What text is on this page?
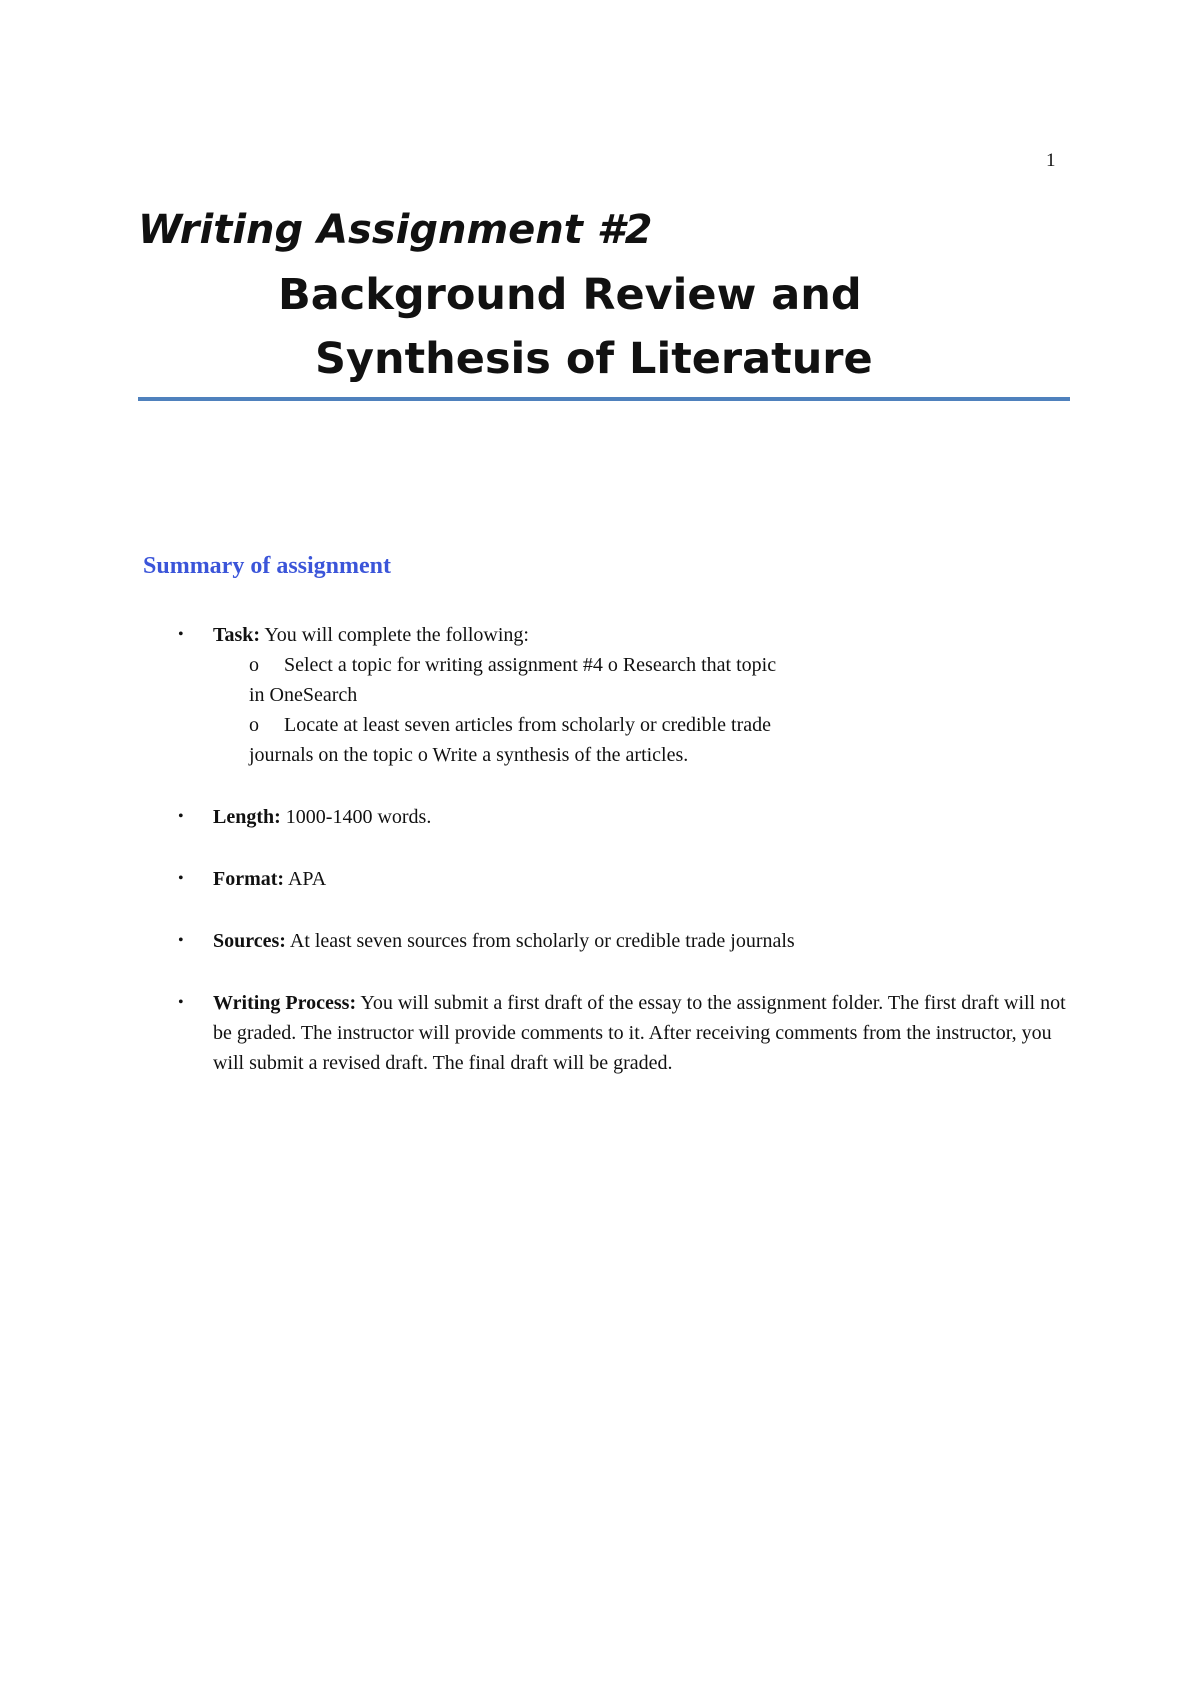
1
Writing Assignment #2
Background Review and
Synthesis of Literature
Summary of assignment
• Task: You will complete the following:
o     Select a topic for writing assignment #4 o Research that topic
in OneSearch
o     Locate at least seven articles from scholarly or credible trade
journals on the topic o Write a synthesis of the articles.
• Length: 1000-1400 words.
• Format: APA
• Sources: At least seven sources from scholarly or credible trade journals
• Writing Process: You will submit a first draft of the essay to the assignment folder. The first draft will not be graded. The instructor will provide comments to it. After receiving comments from the instructor, you will submit a revised draft. The final draft will be graded.
